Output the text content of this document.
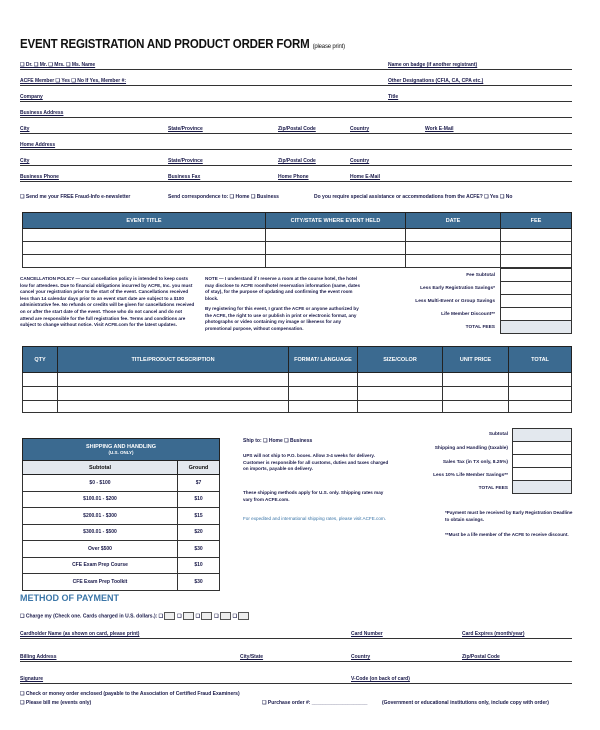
EVENT REGISTRATION AND PRODUCT ORDER FORM (please print)
❑ Dr. ❑ Mr. ❑ Mrs. ❑ Ms. Name	Name on badge (if another registrant)
ACFE Member ❑ Yes ❑ No If Yes, Member #:	Other Designations (CFIA, CA, CPA etc.)
Company	Title
Business Address
City	State/Province	Zip/Postal Code	Country	Work E-Mail
Home Address
City	State/Province	Zip/Postal Code	Country
Business Phone	Business Fax	Home Phone	Home E-Mail
❑ Send me your FREE Fraud-Info e-newsletter	Send correspondence to: ❑ Home ❑ Business	Do you require special assistance or accommodations from the ACFE? ❑ Yes ❑ No
EVENT TITLE	CITY/STATE WHERE EVENT HELD	DATE	FEE

CANCELLATION POLICY — Our cancellation policy is intended to keep costs low for attendees. Due to financial obligations incurred by ACFE, Inc. you must cancel your registration prior to the start of the event. Cancellations received less than 14 calendar days prior to an event start date are subject to a $100 administrative fee. No refunds or credits will be given for cancellations received on or after the start date of the event. Those who do not cancel and do not attend are responsible for the full registration fee. Terms and conditions are subject to change without notice. Visit ACFE.com for the latest updates.
NOTE — I understand if I reserve a room at the course hotel, the hotel may disclose to ACFE room/hotel reservation information (name, dates of stay), for the purpose of updating and confirming the event room block.
By registering for this event, I grant the ACFE or anyone authorized by the ACFE, the right to use or publish in print or electronic format, any photographs or video containing my image or likeness for any promotional purpose, without compensation.
Fee Subtotal
Less Early Registration Savings*
Less Multi-Event or Group Savings
Life Member Discount**
TOTAL FEES
QTY	TITLE/PRODUCT DESCRIPTION	FORMAT/ LANGUAGE	SIZE/COLOR	UNIT PRICE	TOTAL

SHIPPING AND HANDLING
(U.S. ONLY)	
Subtotal	Ground
$0 - $100	$7
$100.01 - $200	$10
$200.01 - $300	$15
$300.01 - $500	$20
Over $500	$30
CFE Exam Prep Course	$10
CFE Exam Prep Toolkit	$30
Ship to: ❑ Home ❑ Business
UPS will not ship to P.O. boxes. Allow 3-4 weeks for delivery. Customer is responsible for all customs, duties and taxes charged on imports, payable on delivery.
These shipping methods apply for U.S. only. Shipping rates may vary from ACFE.com.
For expedited and international shipping rates, please visit ACFE.com.
Subtotal
Shipping and Handling (taxable)
Sales Tax (in TX only, 8.25%)
Less 10% Life Member Savings**
TOTAL FEES
*Payment must be received by Early Registration Deadline to obtain savings.
**Must be a life member of the ACFE to receive discount.
METHOD OF PAYMENT
❑ Charge my (Check one. Cards charged in U.S. dollars.): ❑	❑	❑	❑	❑
Cardholder Name (as shown on card, please print)	Card Number	Card Expires (month/year)
Billing Address	City/State	Country	Zip/Postal Code
Signature	V-Code (on back of card)
❑ Check or money order enclosed (payable to the Association of Certified Fraud Examiners)
❑ Please bill me (events only)	❑ Purchase order #: ____________________	(Government or educational institutions only, include copy with order)
